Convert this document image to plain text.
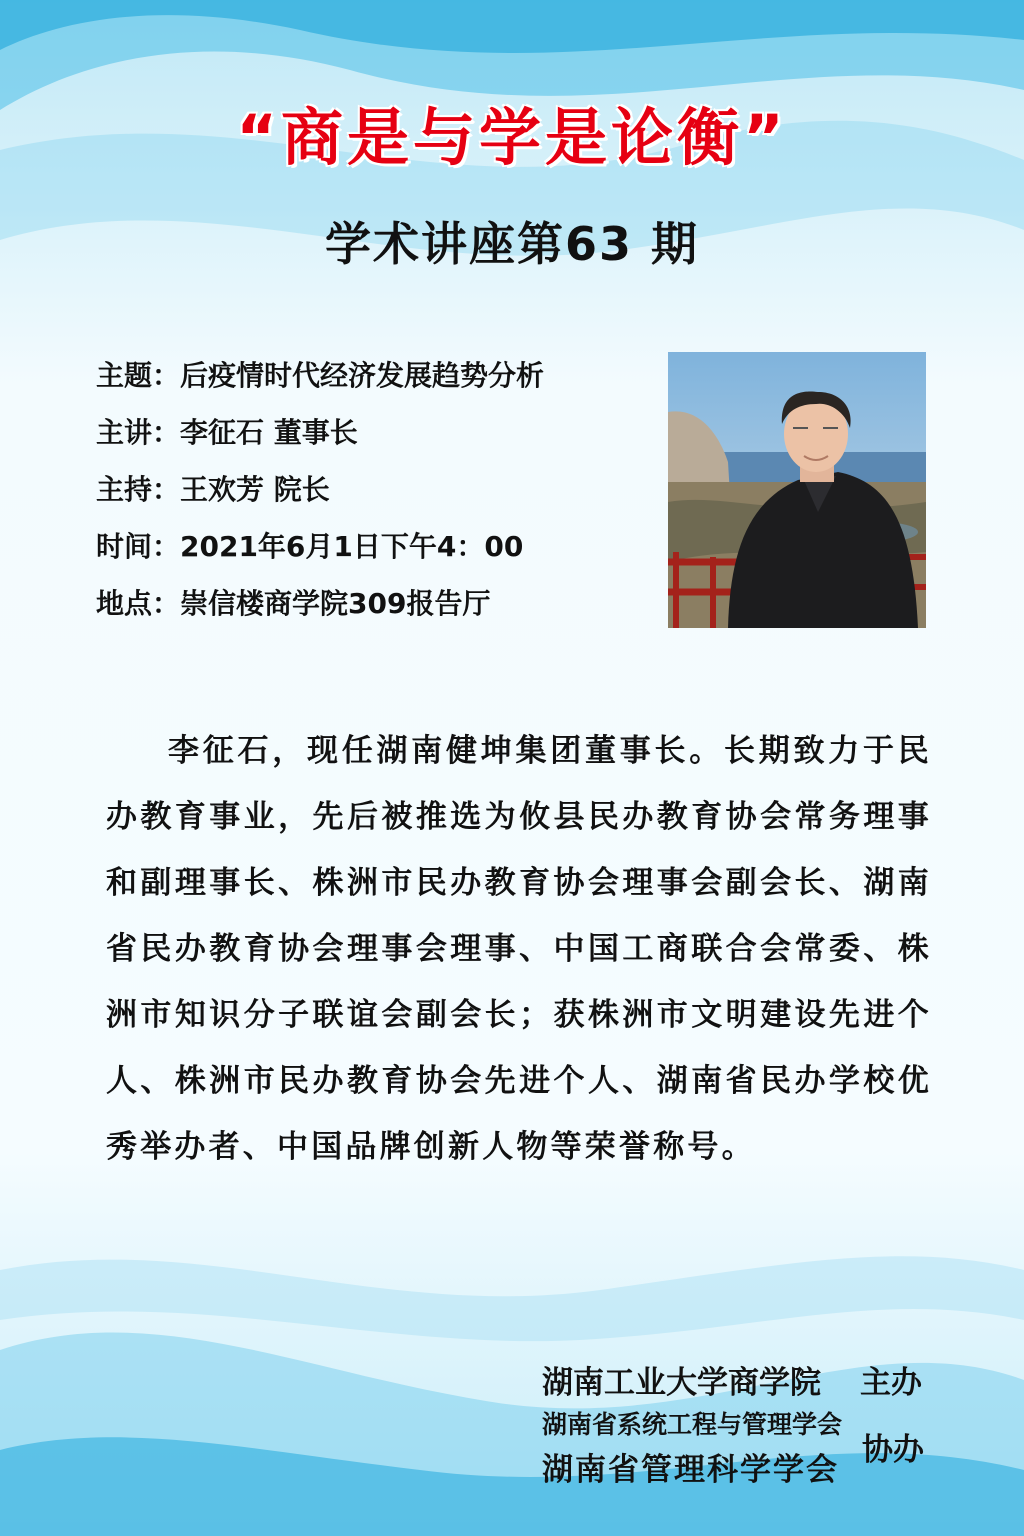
“商是与学是论衡”
学术讲座第63 期
主题：后疫情时代经济发展趋势分析
主讲：李征石 董事长
主持：王欢芳 院长
时间：2021年6月1日下午4：00
地点：崇信楼商学院309报告厅
李征石，现任湖南健坤集团董事长。长期致力于民办教育事业，先后被推选为攸县民办教育协会常务理事和副理事长、株洲市民办教育协会理事会副会长、湖南省民办教育协会理事会理事、中国工商联合会常委、株洲市知识分子联谊会副会长；获株洲市文明建设先进个人、株洲市民办教育协会先进个人、湖南省民办学校优秀举办者、中国品牌创新人物等荣誉称号。
湖南工业大学商学院 主办
湖南省系统工程与管理学会
湖南省管理科学学会
协办
